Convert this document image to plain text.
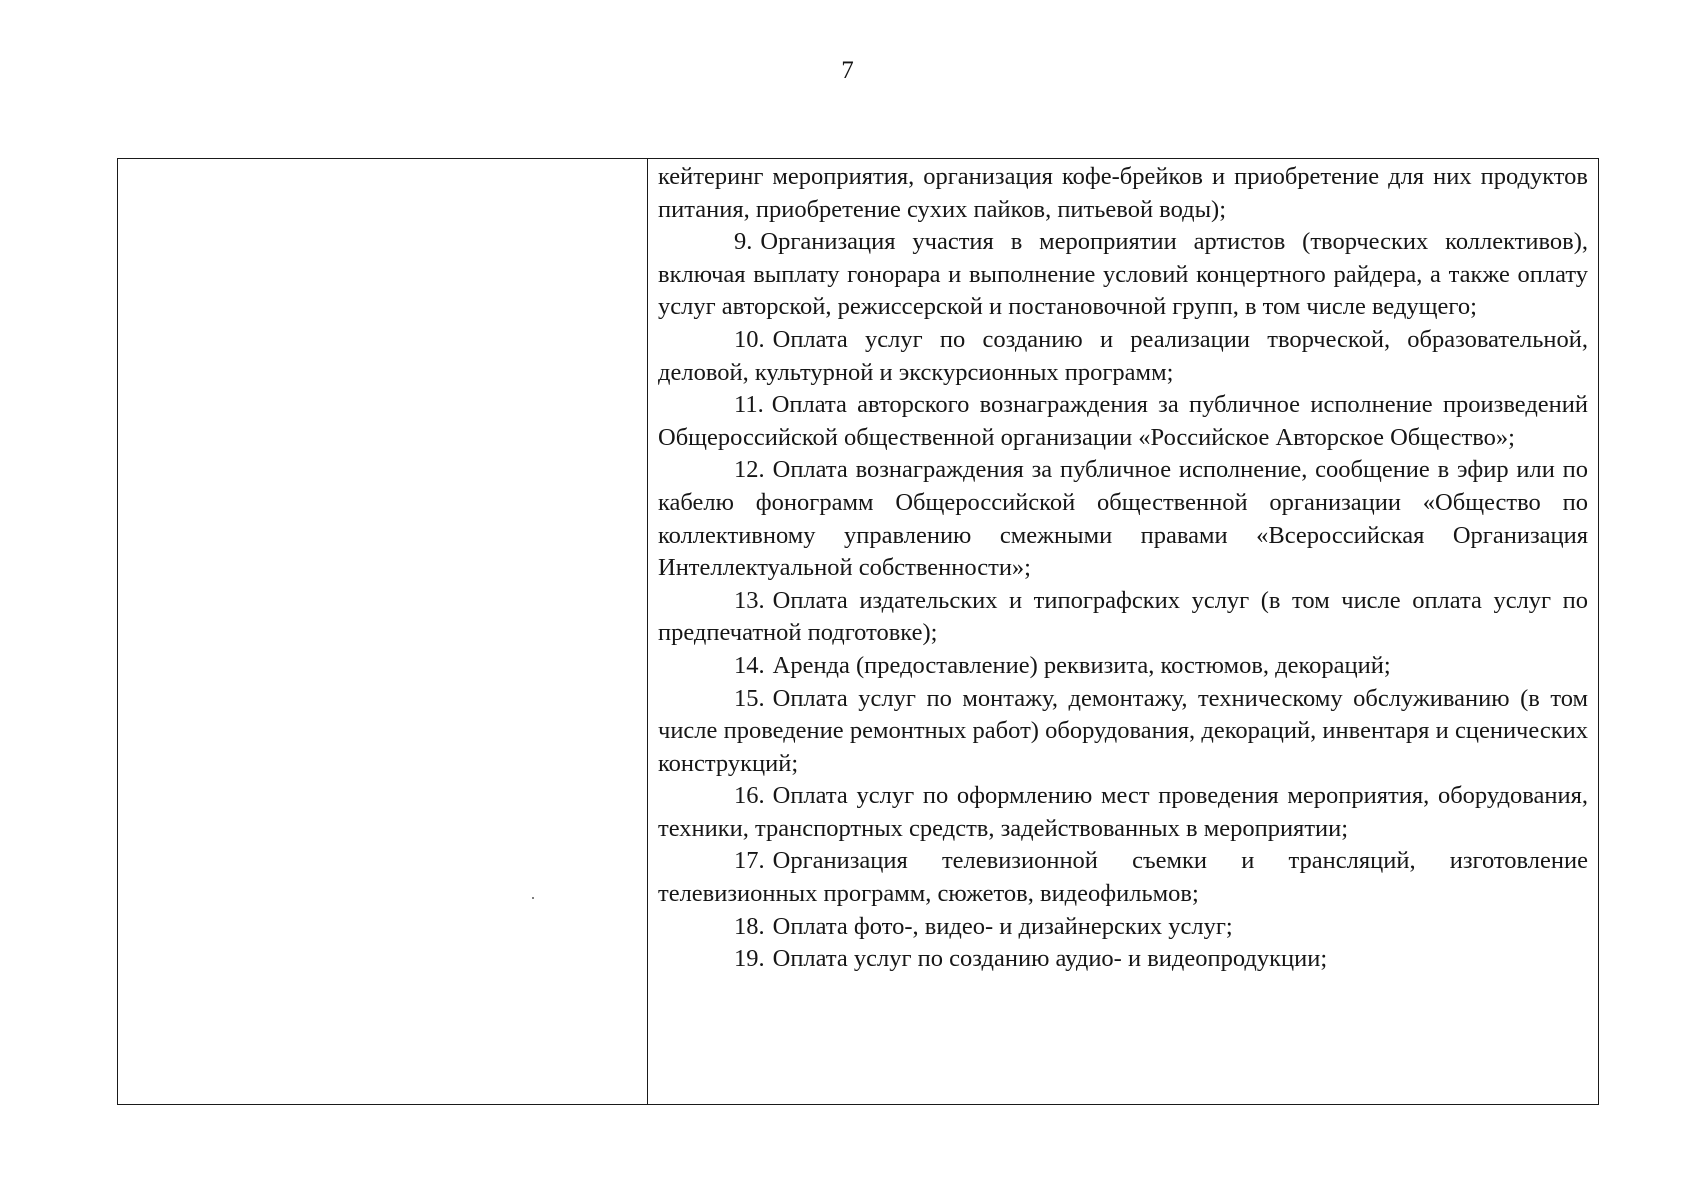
7

кейтеринг мероприятия, организация кофе-брейков и приобретение для них продуктов питания, приобретение сухих пайков, питьевой воды);

9. Организация участия в мероприятии артистов (творческих коллективов), включая выплату гонорара и выполнение условий концертного райдера, а также оплату услуг авторской, режиссерской и постановочной групп, в том числе ведущего;

10. Оплата услуг по созданию и реализации творческой, образовательной, деловой, культурной и экскурсионных программ;

11. Оплата авторского вознаграждения за публичное исполнение произведений Общероссийской общественной организации «Российское Авторское Общество»;

12. Оплата вознаграждения за публичное исполнение, сообщение в эфир или по кабелю фонограмм Общероссийской общественной организации «Общество по коллективному управлению смежными правами «Всероссийская Организация Интеллектуальной собственности»;

13. Оплата издательских и типографских услуг (в том числе оплата услуг по предпечатной подготовке);

14. Аренда (предоставление) реквизита, костюмов, декораций;

15. Оплата услуг по монтажу, демонтажу, техническому обслуживанию (в том числе проведение ремонтных работ) оборудования, декораций, инвентаря и сценических конструкций;

16. Оплата услуг по оформлению мест проведения мероприятия, оборудования, техники, транспортных средств, задействованных в мероприятии;

17. Организация телевизионной съемки и трансляций, изготовление телевизионных программ, сюжетов, видеофильмов;

18. Оплата фото-, видео- и дизайнерских услуг;

19. Оплата услуг по созданию аудио- и видеопродукции;
